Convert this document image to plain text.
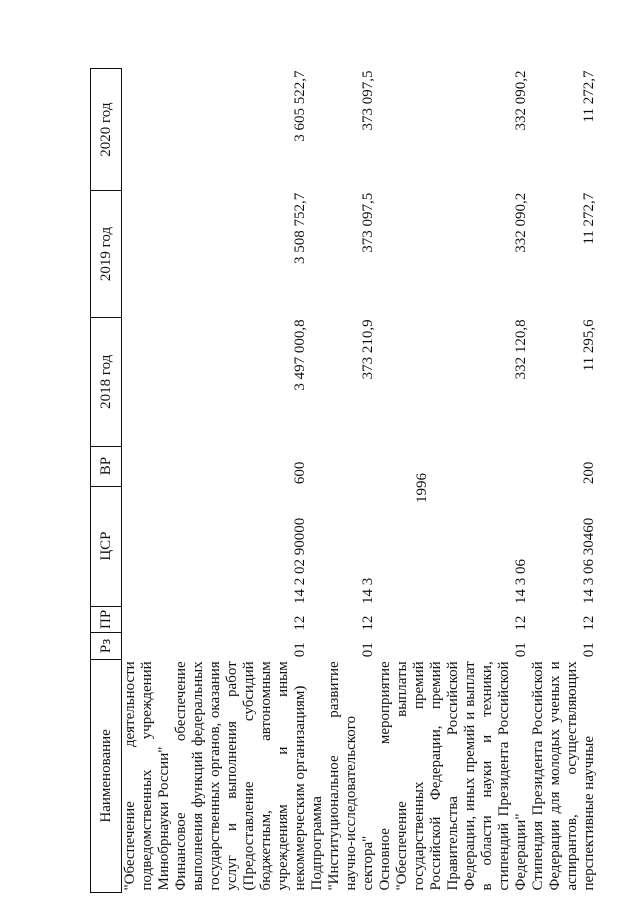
1996
Наименование	Рз	ПР	ЦСР	ВР	2018 год	2019 год	2020 год
"Обеспечение деятельности подведомственных учреждений Минобрнауки России"							
Финансовое обеспечение выполнения функций федеральных государственных органов, оказания услуг и выполнения работ (Предоставление субсидий бюджетным, автономным учреждениям и иным некоммерческим организациям)	01	12	14 2 02 90000	600	3 497 000,8	3 508 752,7	3 605 522,7
Подпрограмма "Институциональное развитие научно-исследовательского сектора"	01	12	14 3		373 210,9	373 097,5	373 097,5
Основное мероприятие "Обеспечение выплаты государственных премий Российской Федерации, премий Правительства Российской Федерации, иных премий и выплат в области науки и техники, стипендий Президента Российской Федерации"	01	12	14 3 06		332 120,8	332 090,2	332 090,2
Стипендия Президента Российской Федерации для молодых ученых и аспирантов, осуществляющих перспективные научные	01	12	14 3 06 30460	200	11 295,6	11 272,7	11 272,7
